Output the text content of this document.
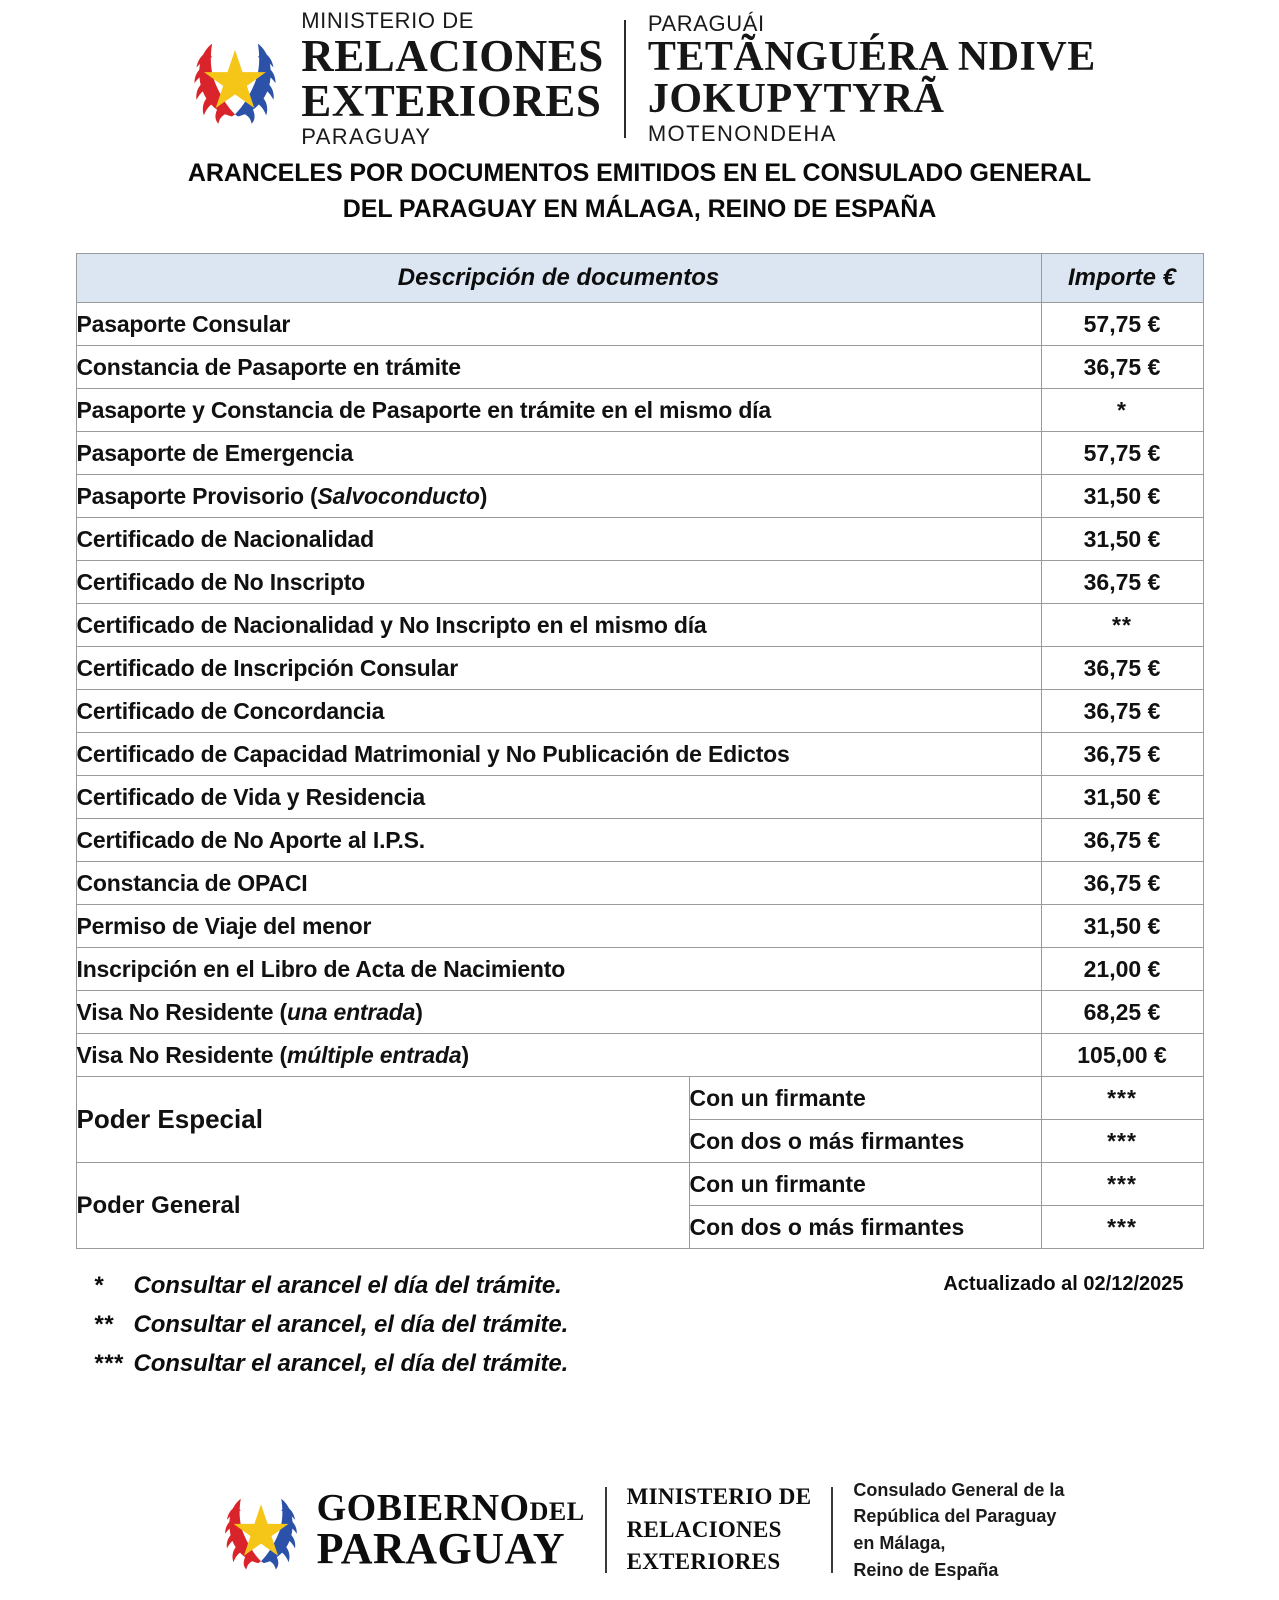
MINISTERIO DE
RELACIONES
EXTERIORES
PARAGUAY
PARAGUÁI
TETÃNGUÉRA NDIVE
JOKUPYTYRÃ
MOTENONDEHA
ARANCELES POR DOCUMENTOS EMITIDOS EN EL CONSULADO GENERAL
DEL PARAGUAY EN MÁLAGA, REINO DE ESPAÑA
Descripción de documentos		Importe €
Pasaporte Consular		57,75 €
Constancia de Pasaporte en trámite		36,75 €
Pasaporte y Constancia de Pasaporte en trámite en el mismo día		*
Pasaporte de Emergencia		57,75 €
Pasaporte Provisorio (Salvoconducto)		31,50 €
Certificado de Nacionalidad		31,50 €
Certificado de No Inscripto		36,75 €
Certificado de Nacionalidad y No Inscripto en el mismo día		**
Certificado de Inscripción Consular		36,75 €
Certificado de Concordancia		36,75 €
Certificado de Capacidad Matrimonial y No Publicación de Edictos		36,75 €
Certificado de Vida y Residencia		31,50 €
Certificado de No Aporte al I.P.S.		36,75 €
Constancia de OPACI		36,75 €
Permiso de Viaje del menor		31,50 €
Inscripción en el Libro de Acta de Nacimiento		21,00 €
Visa No Residente (una entrada)		68,25 €
Visa No Residente (múltiple entrada)		105,00 €
Poder Especial	Con un firmante	***
	Con dos o más firmantes	***
Poder General	Con un firmante	***
	Con dos o más firmantes	***
*	Consultar el arancel el día del trámite.
** Consultar el arancel, el día del trámite.
*** Consultar el arancel, el día del trámite.
Actualizado al 02/12/2025
GOBIERNODEL
PARAGUAY
MINISTERIO DE
RELACIONES
EXTERIORES
Consulado General de la
República del Paraguay
en Málaga,
Reino de España
